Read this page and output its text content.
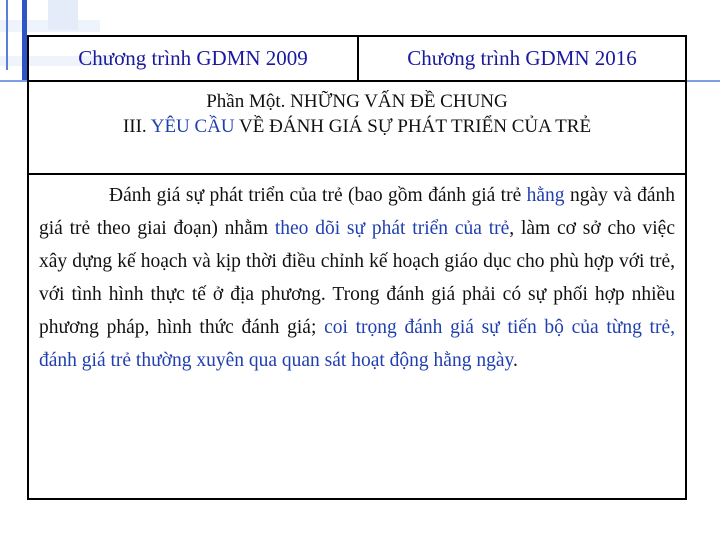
Chương trình GDMN 2009	Chương trình GDMN 2016
Phần Một. NHỮNG VẤN ĐỀ CHUNG
III. YÊU CẦU VỀ ĐÁNH GIÁ SỰ PHÁT TRIỂN CỦA TRẺ

Đánh giá sự phát triển của trẻ (bao gồm đánh giá trẻ hằng ngày và đánh giá trẻ theo giai đoạn) nhằm theo dõi sự phát triển của trẻ, làm cơ sở cho việc xây dựng kế hoạch và kịp thời điều chỉnh kế hoạch giáo dục cho phù hợp với trẻ, với tình hình thực tế ở địa phương. Trong đánh giá phải có sự phối hợp nhiều phương pháp, hình thức đánh giá; coi trọng đánh giá sự tiến bộ của từng trẻ, đánh giá trẻ thường xuyên qua quan sát hoạt động hằng ngày.
